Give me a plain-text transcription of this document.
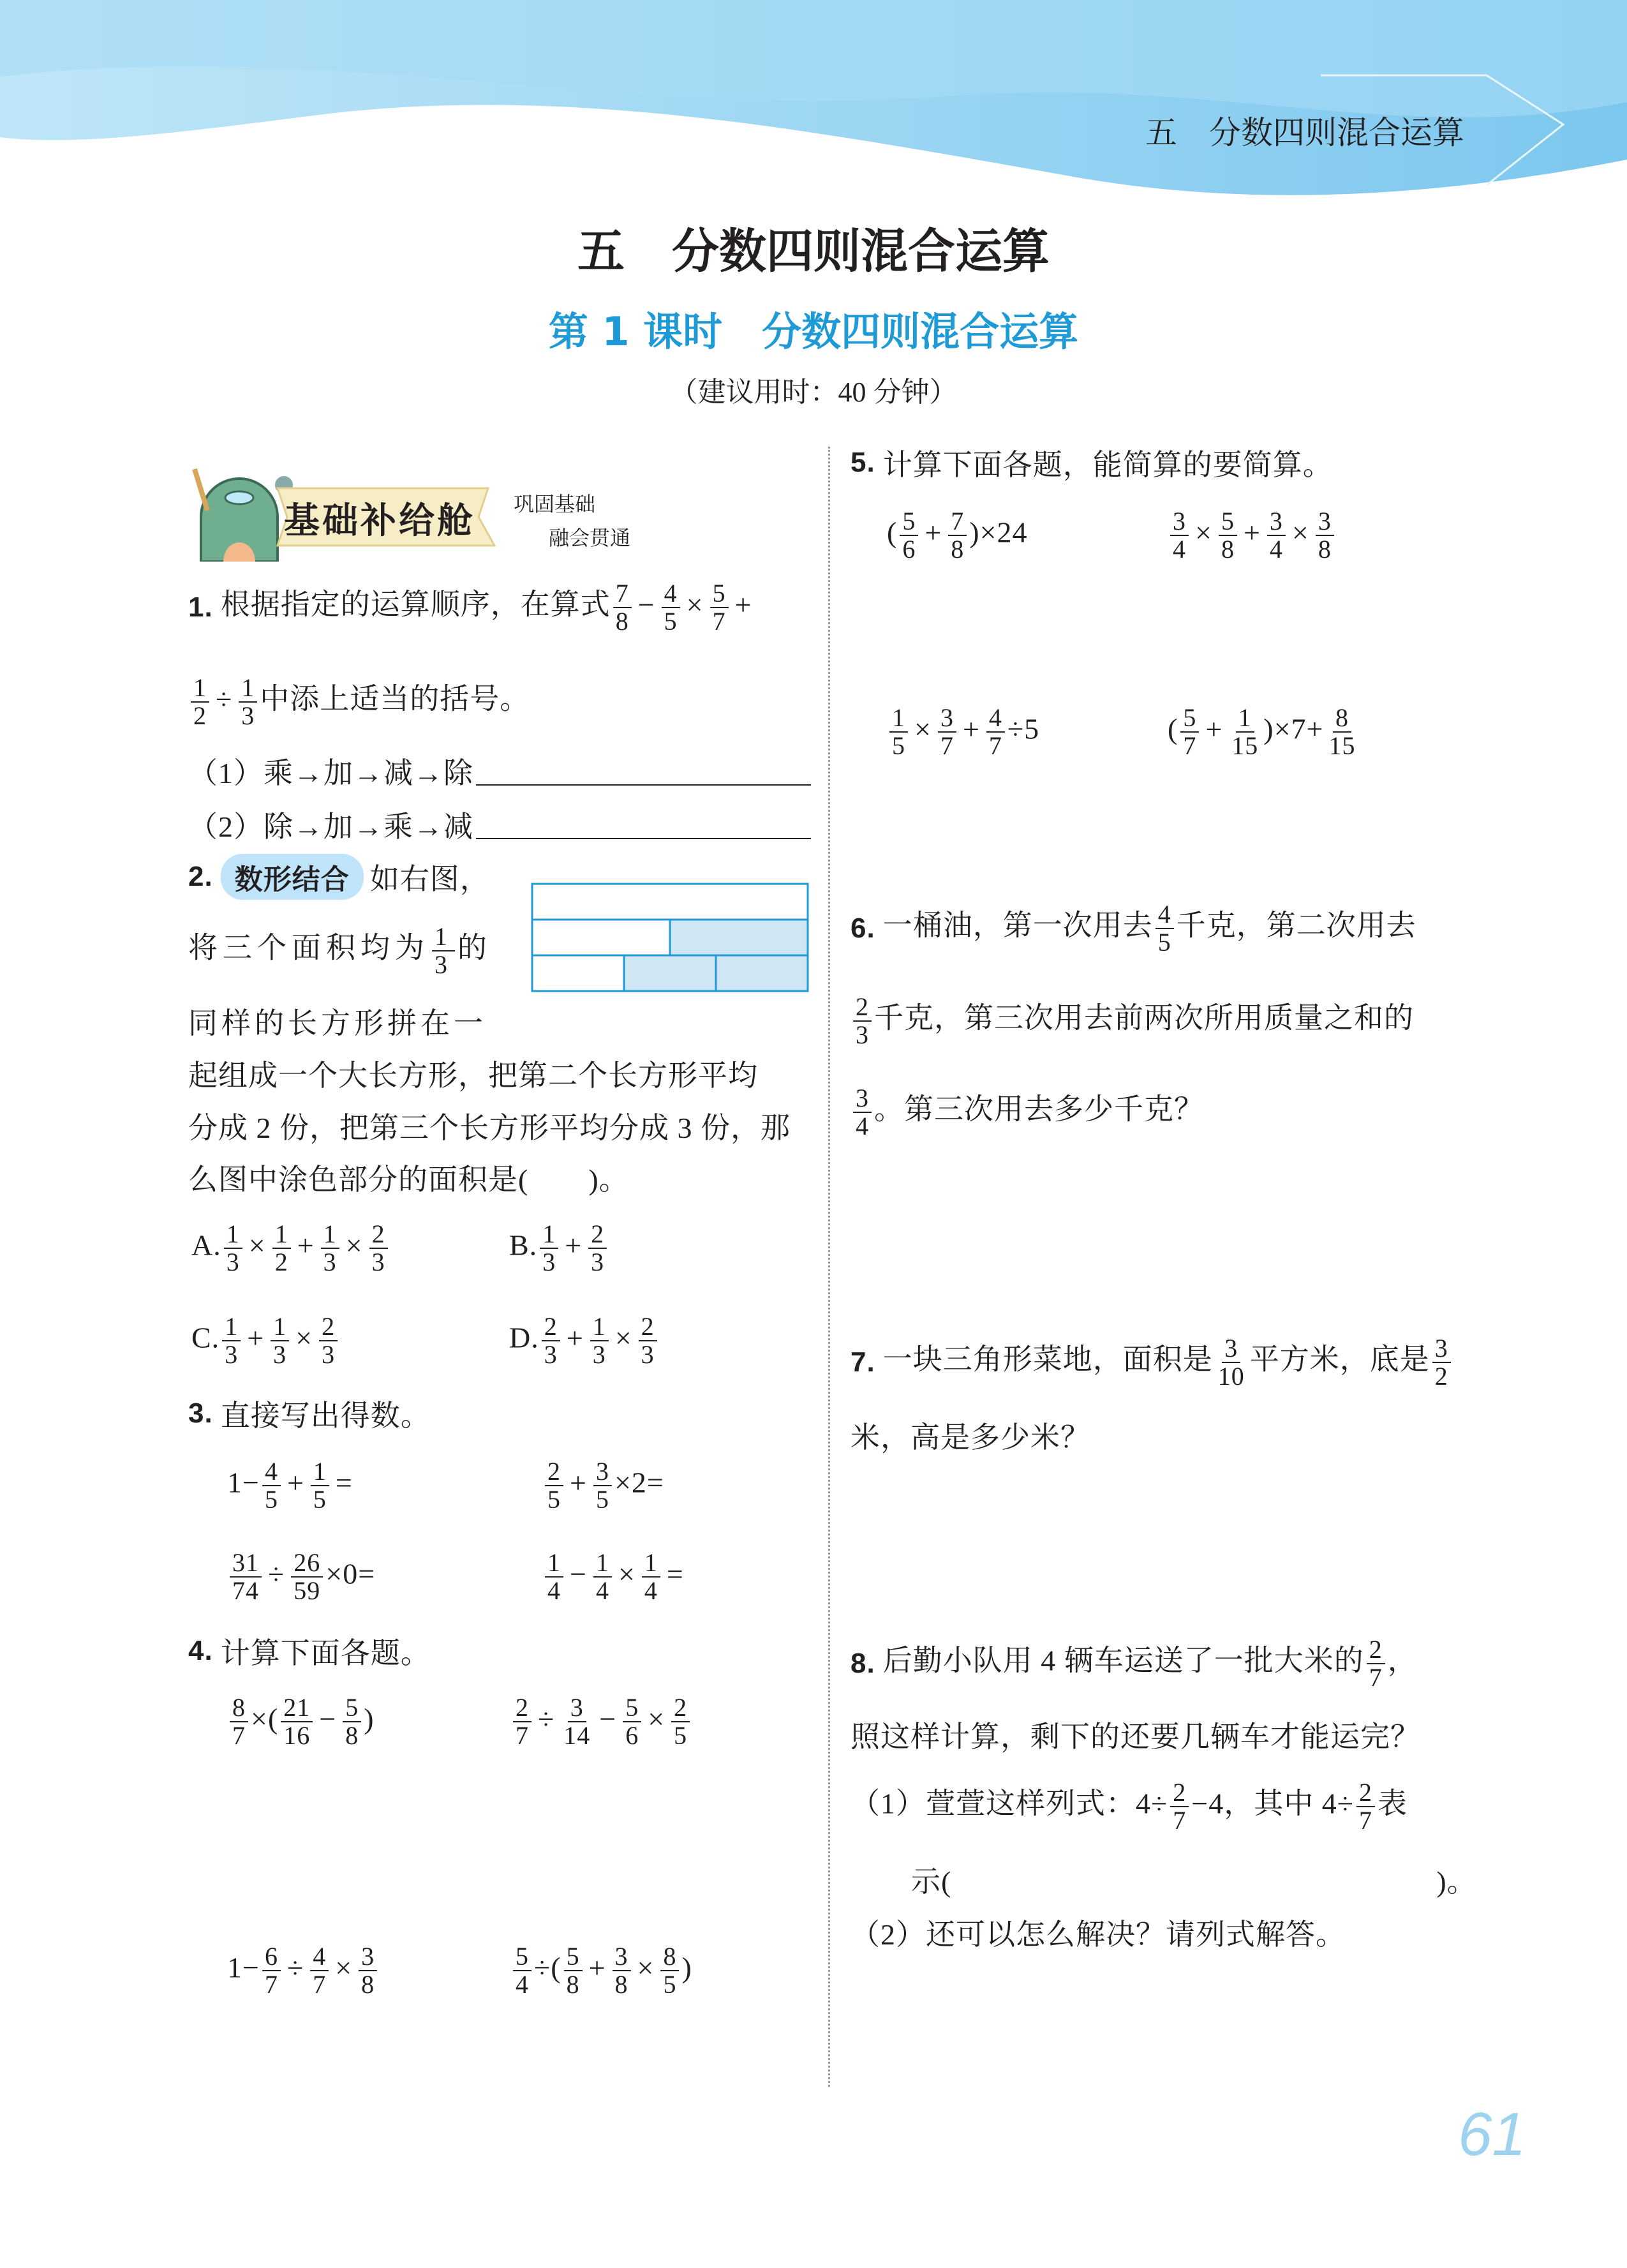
五　分数四则混合运算
五　分数四则混合运算
第 1 课时　分数四则混合运算
（建议用时：40 分钟）
基础补给舱 巩固基础
融会贯通
1. 根据指定的运算顺序，在算式 $\frac{7}{8} - \frac{4}{5} \times \frac{5}{7}$ +
$\frac{1}{2} \div \frac{1}{3}$ 中添上适当的括号。
（1）乘→加→减→除
（2）除→加→乘→减
2. 数形结合 如右图，
将三个面积均为 $\frac{1}{3}$ 的
同样的长方形拼在一
起组成一个大长方形，把第二个长方形平均
分成 2 份，把第三个长方形平均分成 3 份，那
么图中涂色部分的面积是(　　)。
A. $\frac{1}{3} \times \frac{1}{2} + \frac{1}{3} \times \frac{2}{3}$	B. $\frac{1}{3} + \frac{2}{3}$
C. $\frac{1}{3} + \frac{1}{3} \times \frac{2}{3}$	D. $\frac{2}{3} + \frac{1}{3} \times \frac{2}{3}$
3. 直接写出得数。
$1- \frac{4}{5} + \frac{1}{5}$ =	$\frac{2}{5} + \frac{3}{5} \times 2=$
$\frac{31}{74} \div \frac{26}{59} \times 0=$	$\frac{1}{4} - \frac{1}{4} \times \frac{1}{4}$ =
4. 计算下面各题。
$\frac{8}{7}$ ×( $\frac{21}{16} - \frac{5}{8}$ )	$\frac{2}{7} \div \frac{3}{14} - \frac{5}{6} \times \frac{2}{5}$
$1- \frac{6}{7} \div \frac{4}{7} \times \frac{3}{8}$	$\frac{5}{4}$ ÷( $\frac{5}{8} + \frac{3}{8} \times \frac{8}{5}$ )
5. 计算下面各题，能简算的要简算。
( $\frac{5}{6} + \frac{7}{8} )\times 24$	$\frac{3}{4} \times \frac{5}{8} + \frac{3}{4} \times \frac{3}{8}$
$\frac{1}{5} \times \frac{3}{7} + \frac{4}{7} \div 5$	( $\frac{5}{7} + \frac{1}{15} )\times 7+ \frac{8}{15}$
6. 一桶油，第一次用去 $\frac{4}{5}$ 千克，第二次用去
$\frac{2}{3}$ 千克，第三次用去前两次所用质量之和的
$\frac{3}{4}$ 。第三次用去多少千克？
7. 一块三角形菜地，面积是 $\frac{3}{10}$ 平方米，底是 $\frac{3}{2}$
米，高是多少米？
8. 后勤小队用 4 辆车运送了一批大米的 $\frac{2}{7}$ ，
照这样计算，剩下的还要几辆车才能运完？
（1）萱萱这样列式：$4\div \frac{2}{7} -4$，其中 $4\div \frac{2}{7}$ 表
示(	)。
（2）还可以怎么解决？请列式解答。
61
